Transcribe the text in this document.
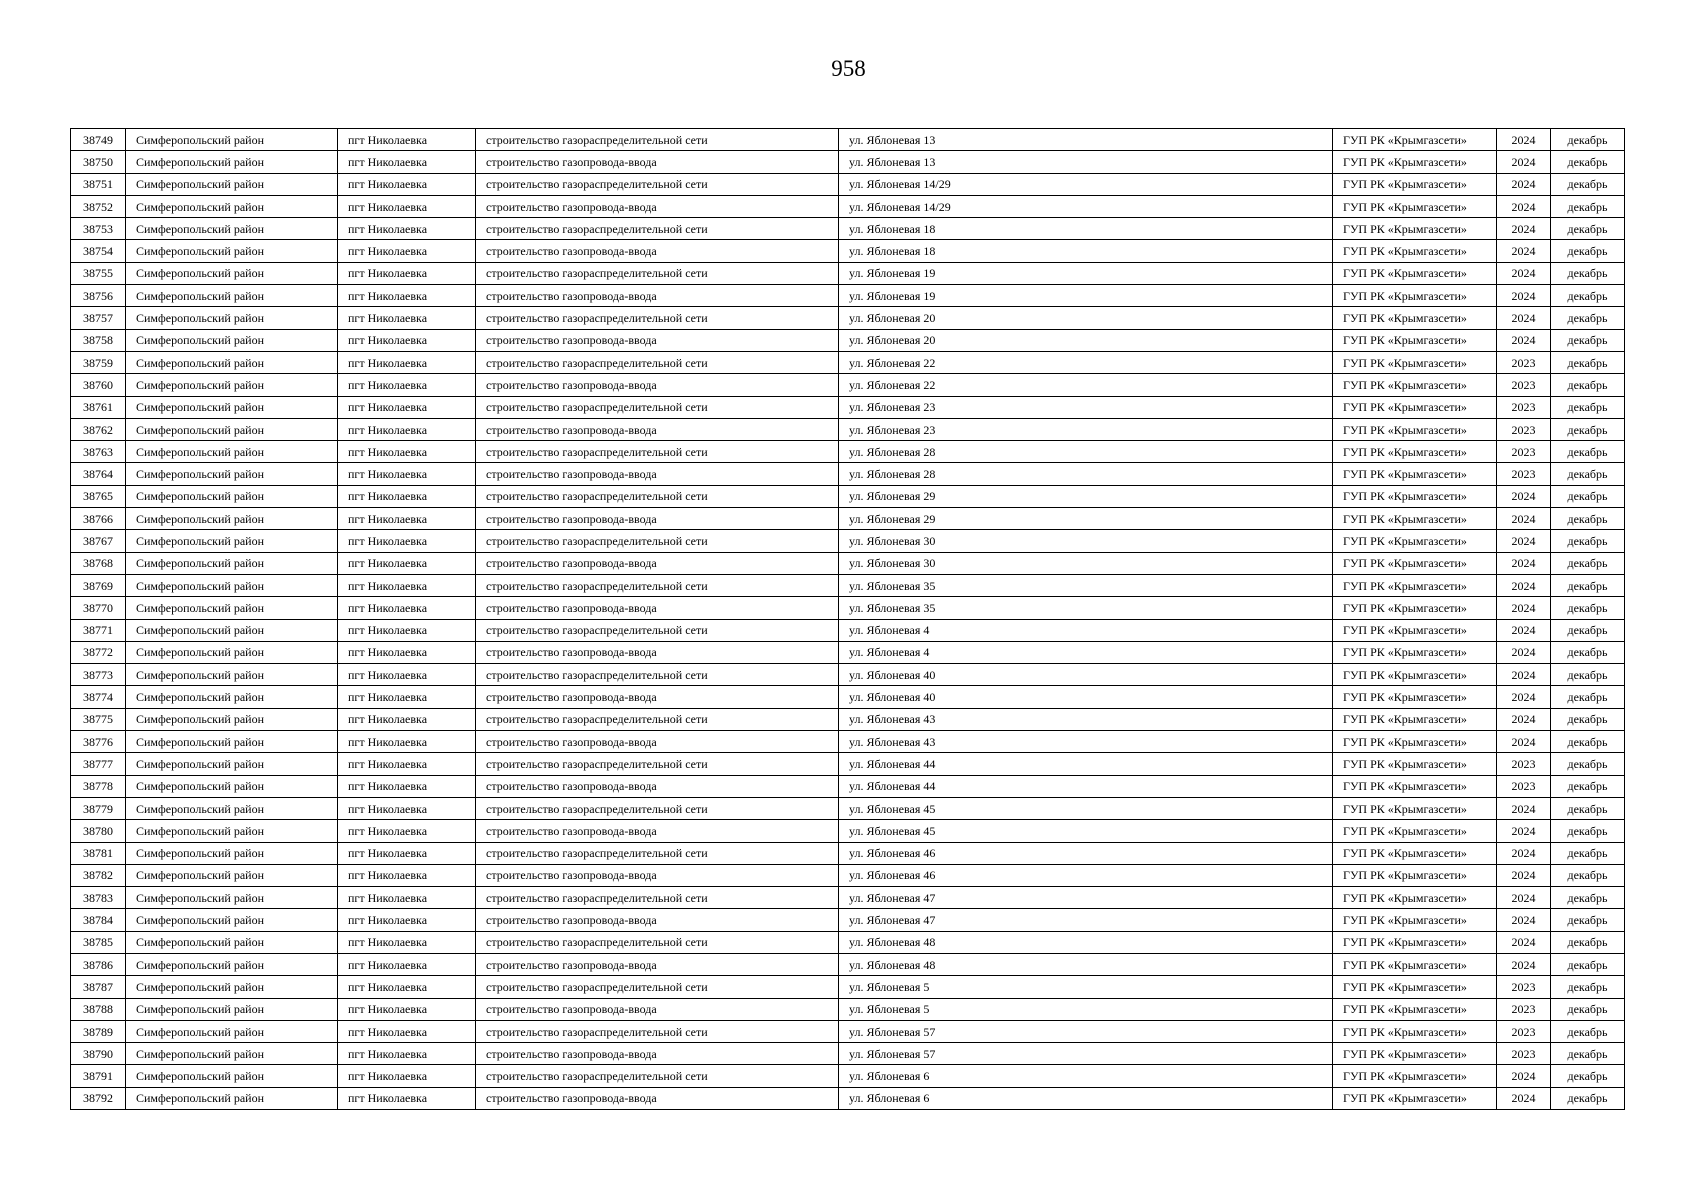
958
38749	Симферопольский район	пгт Николаевка	строительство газораспределительной сети	ул. Яблоневая 13	ГУП РК «Крымгазсети»	2024	декабрь
38750	Симферопольский район	пгт Николаевка	строительство газопровода-ввода	ул. Яблоневая 13	ГУП РК «Крымгазсети»	2024	декабрь
38751	Симферопольский район	пгт Николаевка	строительство газораспределительной сети	ул. Яблоневая 14/29	ГУП РК «Крымгазсети»	2024	декабрь
38752	Симферопольский район	пгт Николаевка	строительство газопровода-ввода	ул. Яблоневая 14/29	ГУП РК «Крымгазсети»	2024	декабрь
38753	Симферопольский район	пгт Николаевка	строительство газораспределительной сети	ул. Яблоневая 18	ГУП РК «Крымгазсети»	2024	декабрь
38754	Симферопольский район	пгт Николаевка	строительство газопровода-ввода	ул. Яблоневая 18	ГУП РК «Крымгазсети»	2024	декабрь
38755	Симферопольский район	пгт Николаевка	строительство газораспределительной сети	ул. Яблоневая 19	ГУП РК «Крымгазсети»	2024	декабрь
38756	Симферопольский район	пгт Николаевка	строительство газопровода-ввода	ул. Яблоневая 19	ГУП РК «Крымгазсети»	2024	декабрь
38757	Симферопольский район	пгт Николаевка	строительство газораспределительной сети	ул. Яблоневая 20	ГУП РК «Крымгазсети»	2024	декабрь
38758	Симферопольский район	пгт Николаевка	строительство газопровода-ввода	ул. Яблоневая 20	ГУП РК «Крымгазсети»	2024	декабрь
38759	Симферопольский район	пгт Николаевка	строительство газораспределительной сети	ул. Яблоневая 22	ГУП РК «Крымгазсети»	2023	декабрь
38760	Симферопольский район	пгт Николаевка	строительство газопровода-ввода	ул. Яблоневая 22	ГУП РК «Крымгазсети»	2023	декабрь
38761	Симферопольский район	пгт Николаевка	строительство газораспределительной сети	ул. Яблоневая 23	ГУП РК «Крымгазсети»	2023	декабрь
38762	Симферопольский район	пгт Николаевка	строительство газопровода-ввода	ул. Яблоневая 23	ГУП РК «Крымгазсети»	2023	декабрь
38763	Симферопольский район	пгт Николаевка	строительство газораспределительной сети	ул. Яблоневая 28	ГУП РК «Крымгазсети»	2023	декабрь
38764	Симферопольский район	пгт Николаевка	строительство газопровода-ввода	ул. Яблоневая 28	ГУП РК «Крымгазсети»	2023	декабрь
38765	Симферопольский район	пгт Николаевка	строительство газораспределительной сети	ул. Яблоневая 29	ГУП РК «Крымгазсети»	2024	декабрь
38766	Симферопольский район	пгт Николаевка	строительство газопровода-ввода	ул. Яблоневая 29	ГУП РК «Крымгазсети»	2024	декабрь
38767	Симферопольский район	пгт Николаевка	строительство газораспределительной сети	ул. Яблоневая 30	ГУП РК «Крымгазсети»	2024	декабрь
38768	Симферопольский район	пгт Николаевка	строительство газопровода-ввода	ул. Яблоневая 30	ГУП РК «Крымгазсети»	2024	декабрь
38769	Симферопольский район	пгт Николаевка	строительство газораспределительной сети	ул. Яблоневая 35	ГУП РК «Крымгазсети»	2024	декабрь
38770	Симферопольский район	пгт Николаевка	строительство газопровода-ввода	ул. Яблоневая 35	ГУП РК «Крымгазсети»	2024	декабрь
38771	Симферопольский район	пгт Николаевка	строительство газораспределительной сети	ул. Яблоневая 4	ГУП РК «Крымгазсети»	2024	декабрь
38772	Симферопольский район	пгт Николаевка	строительство газопровода-ввода	ул. Яблоневая 4	ГУП РК «Крымгазсети»	2024	декабрь
38773	Симферопольский район	пгт Николаевка	строительство газораспределительной сети	ул. Яблоневая 40	ГУП РК «Крымгазсети»	2024	декабрь
38774	Симферопольский район	пгт Николаевка	строительство газопровода-ввода	ул. Яблоневая 40	ГУП РК «Крымгазсети»	2024	декабрь
38775	Симферопольский район	пгт Николаевка	строительство газораспределительной сети	ул. Яблоневая 43	ГУП РК «Крымгазсети»	2024	декабрь
38776	Симферопольский район	пгт Николаевка	строительство газопровода-ввода	ул. Яблоневая 43	ГУП РК «Крымгазсети»	2024	декабрь
38777	Симферопольский район	пгт Николаевка	строительство газораспределительной сети	ул. Яблоневая 44	ГУП РК «Крымгазсети»	2023	декабрь
38778	Симферопольский район	пгт Николаевка	строительство газопровода-ввода	ул. Яблоневая 44	ГУП РК «Крымгазсети»	2023	декабрь
38779	Симферопольский район	пгт Николаевка	строительство газораспределительной сети	ул. Яблоневая 45	ГУП РК «Крымгазсети»	2024	декабрь
38780	Симферопольский район	пгт Николаевка	строительство газопровода-ввода	ул. Яблоневая 45	ГУП РК «Крымгазсети»	2024	декабрь
38781	Симферопольский район	пгт Николаевка	строительство газораспределительной сети	ул. Яблоневая 46	ГУП РК «Крымгазсети»	2024	декабрь
38782	Симферопольский район	пгт Николаевка	строительство газопровода-ввода	ул. Яблоневая 46	ГУП РК «Крымгазсети»	2024	декабрь
38783	Симферопольский район	пгт Николаевка	строительство газораспределительной сети	ул. Яблоневая 47	ГУП РК «Крымгазсети»	2024	декабрь
38784	Симферопольский район	пгт Николаевка	строительство газопровода-ввода	ул. Яблоневая 47	ГУП РК «Крымгазсети»	2024	декабрь
38785	Симферопольский район	пгт Николаевка	строительство газораспределительной сети	ул. Яблоневая 48	ГУП РК «Крымгазсети»	2024	декабрь
38786	Симферопольский район	пгт Николаевка	строительство газопровода-ввода	ул. Яблоневая 48	ГУП РК «Крымгазсети»	2024	декабрь
38787	Симферопольский район	пгт Николаевка	строительство газораспределительной сети	ул. Яблоневая 5	ГУП РК «Крымгазсети»	2023	декабрь
38788	Симферопольский район	пгт Николаевка	строительство газопровода-ввода	ул. Яблоневая 5	ГУП РК «Крымгазсети»	2023	декабрь
38789	Симферопольский район	пгт Николаевка	строительство газораспределительной сети	ул. Яблоневая 57	ГУП РК «Крымгазсети»	2023	декабрь
38790	Симферопольский район	пгт Николаевка	строительство газопровода-ввода	ул. Яблоневая 57	ГУП РК «Крымгазсети»	2023	декабрь
38791	Симферопольский район	пгт Николаевка	строительство газораспределительной сети	ул. Яблоневая 6	ГУП РК «Крымгазсети»	2024	декабрь
38792	Симферопольский район	пгт Николаевка	строительство газопровода-ввода	ул. Яблоневая 6	ГУП РК «Крымгазсети»	2024	декабрь
